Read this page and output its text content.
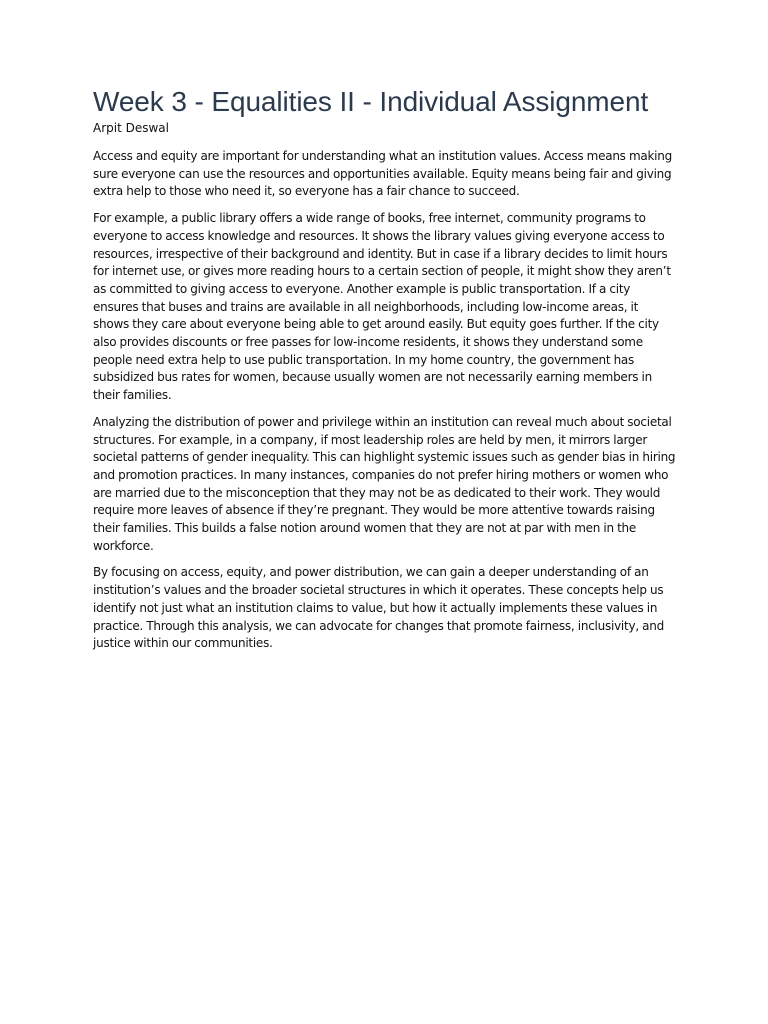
Week 3 - Equalities II - Individual Assignment

Arpit Deswal

Access and equity are important for understanding what an institution values. Access means making sure everyone can use the resources and opportunities available. Equity means being fair and giving extra help to those who need it, so everyone has a fair chance to succeed.

For example, a public library offers a wide range of books, free internet, community programs to everyone to access knowledge and resources. It shows the library values giving everyone access to resources, irrespective of their background and identity. But in case if a library decides to limit hours for internet use, or gives more reading hours to a certain section of people, it might show they aren’t as committed to giving access to everyone. Another example is public transportation. If a city ensures that buses and trains are available in all neighborhoods, including low-income areas, it shows they care about everyone being able to get around easily. But equity goes further. If the city also provides discounts or free passes for low-income residents, it shows they understand some people need extra help to use public transportation. In my home country, the government has subsidized bus rates for women, because usually women are not necessarily earning members in their families.

Analyzing the distribution of power and privilege within an institution can reveal much about societal structures. For example, in a company, if most leadership roles are held by men, it mirrors larger societal patterns of gender inequality. This can highlight systemic issues such as gender bias in hiring and promotion practices. In many instances, companies do not prefer hiring mothers or women who are married due to the misconception that they may not be as dedicated to their work. They would require more leaves of absence if they’re pregnant. They would be more attentive towards raising their families. This builds a false notion around women that they are not at par with men in the workforce.

By focusing on access, equity, and power distribution, we can gain a deeper understanding of an institution’s values and the broader societal structures in which it operates. These concepts help us identify not just what an institution claims to value, but how it actually implements these values in practice. Through this analysis, we can advocate for changes that promote fairness, inclusivity, and justice within our communities.
